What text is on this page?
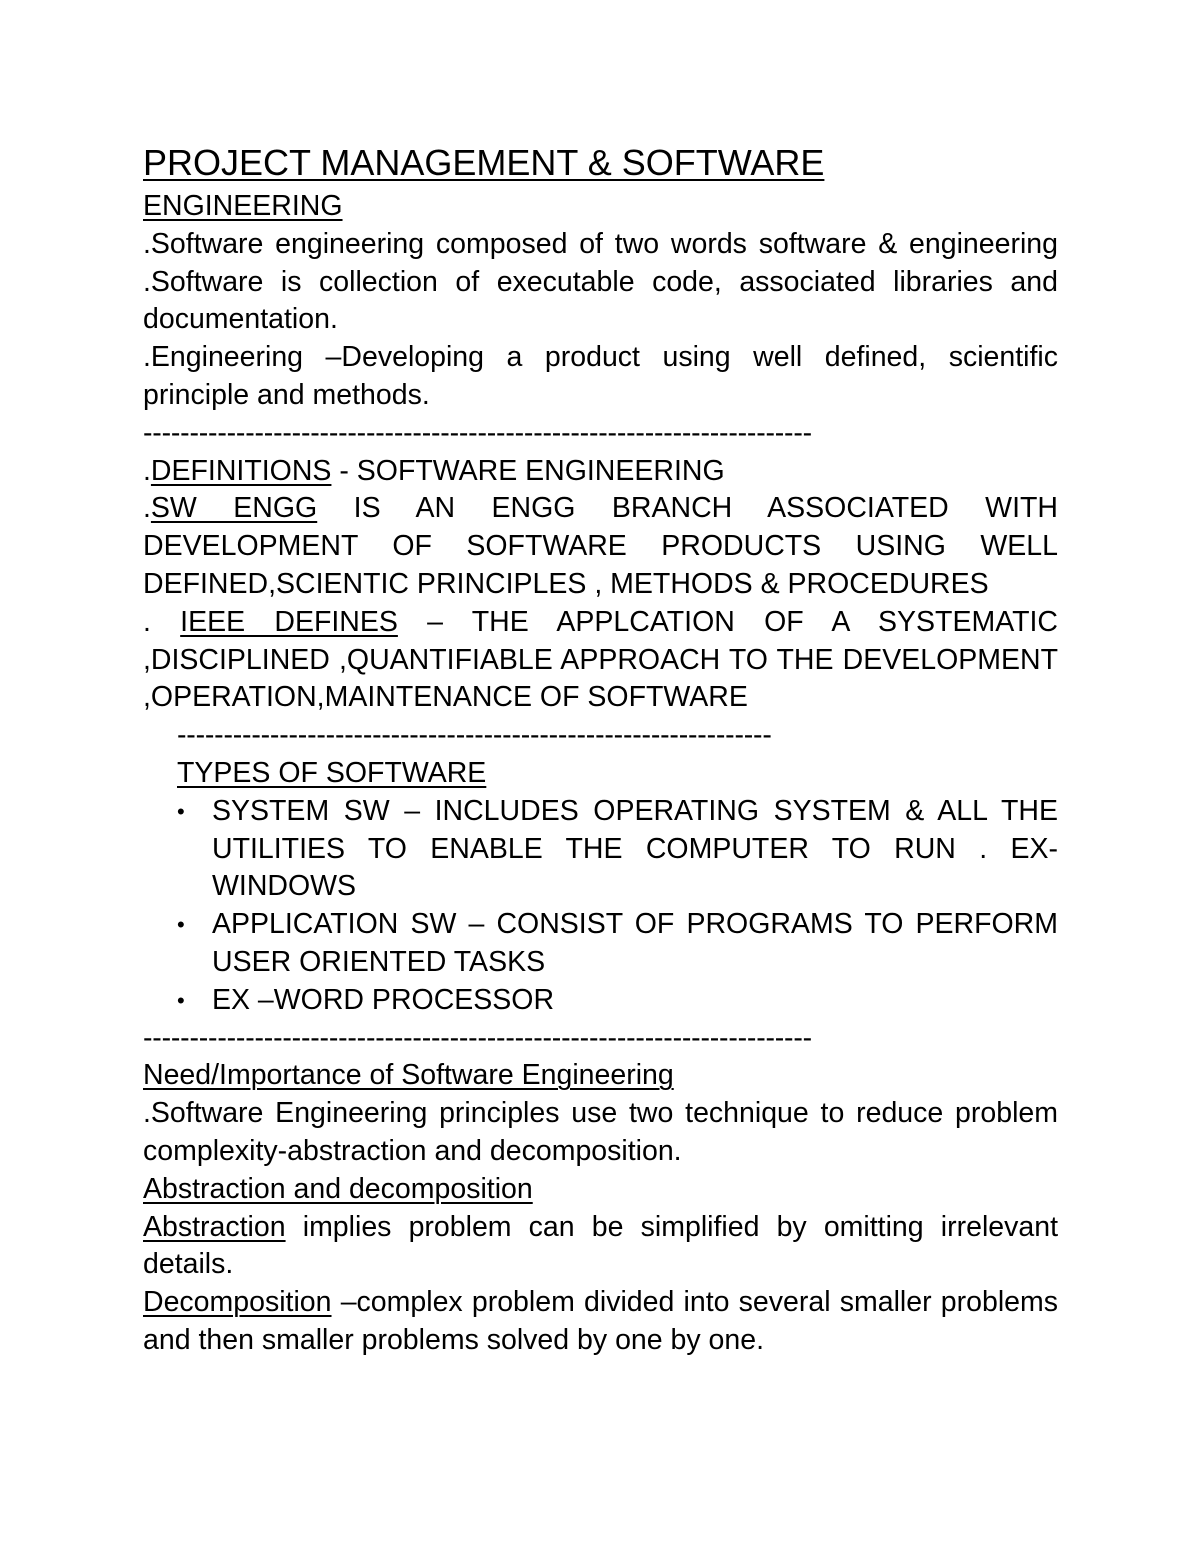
PROJECT MANAGEMENT & SOFTWARE
ENGINEERING

.Software engineering composed of two words software & engineering .Software is collection of executable code, associated libraries and documentation.

.Engineering –Developing a product using well defined, scientific principle and methods.

------------------------------------------------------------------------

.DEFINITIONS - SOFTWARE ENGINEERING

.SW ENGG IS AN ENGG BRANCH ASSOCIATED WITH DEVELOPMENT OF SOFTWARE PRODUCTS USING WELL DEFINED,SCIENTIC PRINCIPLES , METHODS & PROCEDURES

. IEEE DEFINES – THE APPLCATION OF A SYSTEMATIC ,DISCIPLINED ,QUANTIFIABLE APPROACH TO THE DEVELOPMENT ,OPERATION,MAINTENANCE OF SOFTWARE

----------------------------------------------------------------

TYPES OF SOFTWARE

• SYSTEM SW – INCLUDES OPERATING SYSTEM & ALL THE UTILITIES TO ENABLE THE COMPUTER TO RUN . EX- WINDOWS
• APPLICATION SW – CONSIST OF PROGRAMS TO PERFORM USER ORIENTED TASKS
• EX –WORD PROCESSOR

------------------------------------------------------------------------

Need/Importance of Software Engineering

.Software Engineering principles use two technique to reduce problem complexity-abstraction and decomposition.

Abstraction and decomposition

Abstraction implies problem can be simplified by omitting irrelevant details.

Decomposition –complex problem divided into several smaller problems and then smaller problems solved by one by one.
